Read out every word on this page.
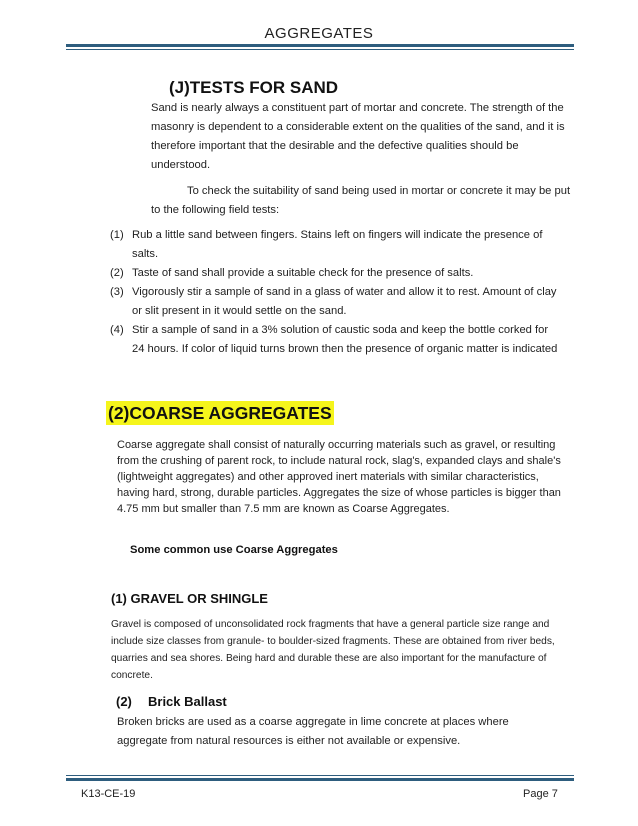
AGGREGATES
(J)TESTS FOR SAND
Sand is nearly always a constituent part of mortar and concrete. The strength of the masonry is dependent to a considerable extent on the qualities of the sand, and it is therefore important that the desirable and the defective qualities should be understood.
To check the suitability of sand being used in mortar or concrete it may be put to the following field tests:
(1) Rub a little sand between fingers. Stains left on fingers will indicate the presence of salts.
(2) Taste of sand shall provide a suitable check for the presence of salts.
(3) Vigorously stir a sample of sand in a glass of water and allow it to rest. Amount of clay or slit present in it would settle on the sand.
(4) Stir a sample of sand in a 3% solution of caustic soda and keep the bottle corked for 24 hours. If color of liquid turns brown then the presence of organic matter is indicated
(2)COARSE AGGREGATES
Coarse aggregate shall consist of naturally occurring materials such as gravel, or resulting from the crushing of parent rock, to include natural rock, slag's, expanded clays and shale's (lightweight aggregates) and other approved inert materials with similar characteristics, having hard, strong, durable particles. Aggregates the size of whose particles is bigger than 4.75 mm but smaller than 7.5 mm are known as Coarse Aggregates.
Some common use Coarse Aggregates
(1) GRAVEL OR SHINGLE
Gravel is composed of unconsolidated rock fragments that have a general particle size range and include size classes from granule- to boulder-sized fragments. These are obtained from river beds, quarries and sea shores. Being hard and durable these are also important for the manufacture of concrete.
(2) Brick Ballast
Broken bricks are used as a coarse aggregate in lime concrete at places where aggregate from natural resources is either not available or expensive.
K13-CE-19	Page 7
